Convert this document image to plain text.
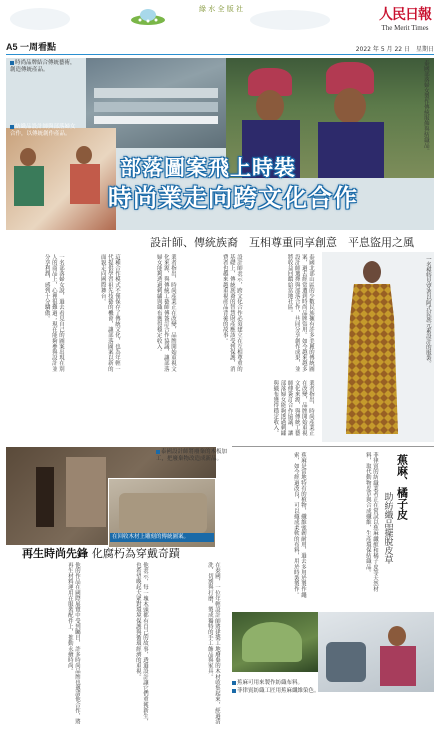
綠 水 全 版 社	人民日報
The Merit Times
A5 一周看點	2022 年 5 月 22 日　星期日
時尚品牌結合傳統藝術，創造傳統產品。
紡織品設計師與部落婦女合作，以傳統創作產品。	泰國部落婦女製作傳統服飾與紡織品。
部落圖案飛上時裝
時尚業走向跨文化合作
設計師、傳統族裔　互相尊重同享創意　平息盜用之風
一名部落婦女說，過去看見自己的圖案出現在別人的商品上，心裡很難過；現在能夠參與設計並分享利潤，感到十分驕傲。	這種合作模式不僅保存了傳統文化，也為年輕一代提供學習祖先技藝的機會，讓部落圖案以新的面貌走向國際舞台。	業者指出，時尚產業正在改變，品牌開始重視文化來源，與傳統工藝師傅簽訂合作協議，讓部落婦女能夠透過刺繡與織布獲得穩定收入。	設計師表示，跨文化合作必須建立在互相尊重的基礎上，傳統族裔的智慧財產應該受到保護，消費者也越來越重視產品背後的故事。	泰國北部山區的少數民族擁有許多美麗的傳統圖案，過去經常遭到時尚品牌盜用。如今越來越多設計師選擇與部落合作，共同分享創作成果，並將收益回饋給當地社區。
業者指出，時尚產業正在改變，品牌開始重視文化來源，與傳統工藝師傅簽訂合作協議，讓部落婦女能夠透過刺繡與織布獲得穩定收入。
一名模特兒穿著以阿式民族元素設計的服裝。
泰國設計師將廢棄的木板加工，把廢棄物改造成新品。
在回收木材上雕刻的傳統圖案。
再生時尚先鋒 化腐朽為穿戴奇蹟
他的作品在國際展覽中受到矚目，許多時尚品牌也邀請他合作，將再生材料運用在服裝配件上，推動永續時尚。	他表示，每一塊木頭都有自己的故事，透過設計讓它們重獲新生，也希望喚起大眾對環境保護與循環經濟的重視。	在泰國，一位年輕設計師將建築工地廢棄的木材收集起來，經過清洗、切割與打磨，製成獨特的手工飾品與家具。
蕉麻、橘子皮
助紡織品擺脫皮草
蕉麻是當地特有的植物，纖維強韌耐用，過去多用於製作繩索，如今經過改良，可以織成柔軟的布料，用於時裝製作。	菲律賓的紡織業者正在嘗試以蕉麻纖維和橘子皮等天然材料，取代動物皮草與合成纖維，生產環保紡織品。
蕉麻可用來製作紡織布料。
菲律賓紡織工匠用蕉麻纖維染色。
